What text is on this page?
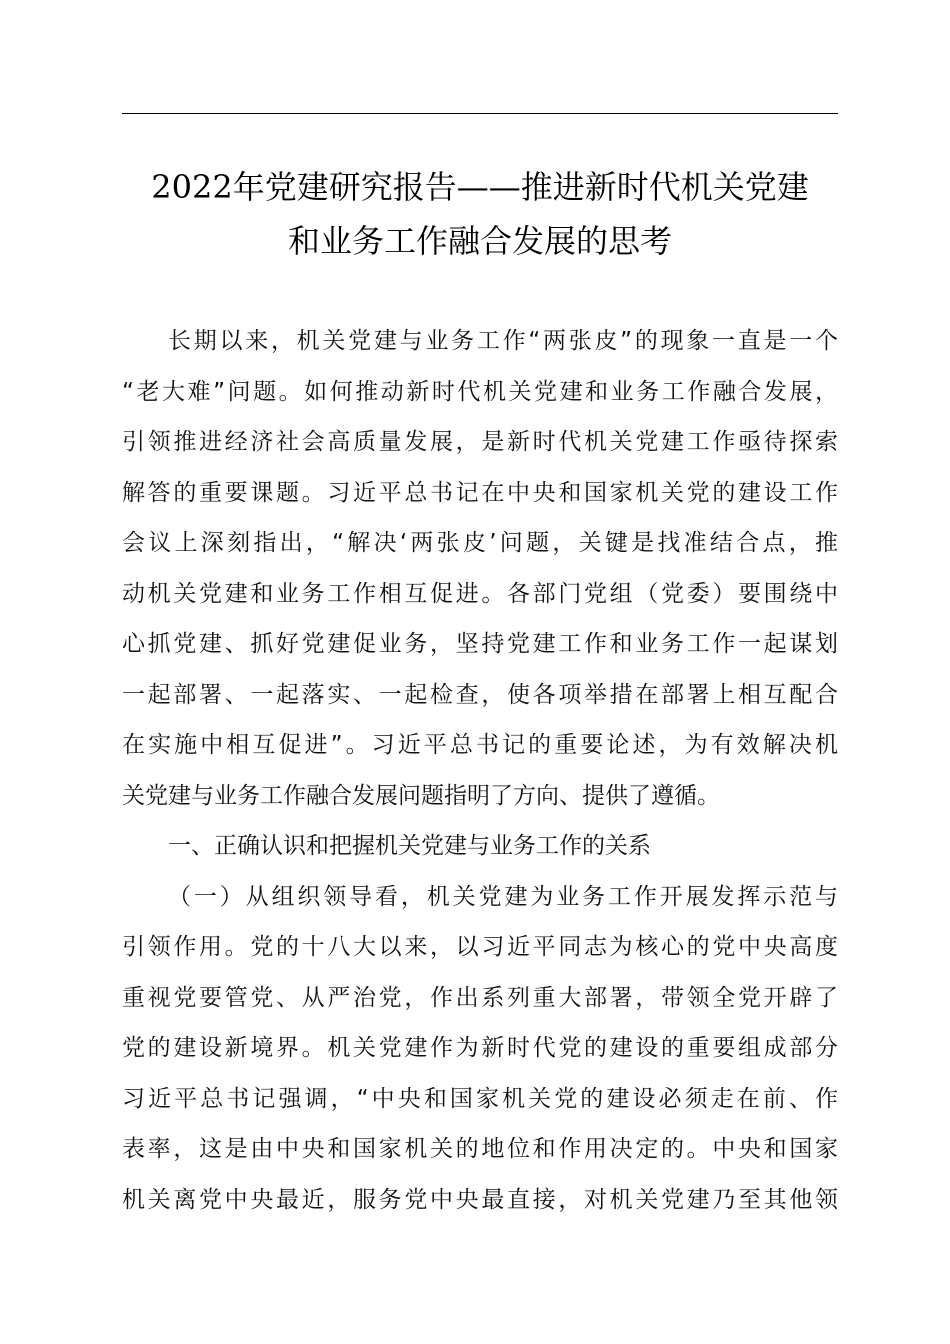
2022年党建研究报告——推进新时代机关党建
和业务工作融合发展的思考
长期以来，机关党建与业务工作“两张皮”的现象一直是一个
“老大难”问题。如何推动新时代机关党建和业务工作融合发展，
引领推进经济社会高质量发展，是新时代机关党建工作亟待探索
解答的重要课题。习近平总书记在中央和国家机关党的建设工作
会议上深刻指出，“解决‘两张皮’问题，关键是找准结合点，推
动机关党建和业务工作相互促进。各部门党组（党委）要围绕中
心抓党建、抓好党建促业务，坚持党建工作和业务工作一起谋划
一起部署、一起落实、一起检查，使各项举措在部署上相互配合
在实施中相互促进”。习近平总书记的重要论述，为有效解决机
关党建与业务工作融合发展问题指明了方向、提供了遵循。
一、正确认识和把握机关党建与业务工作的关系
（一）从组织领导看，机关党建为业务工作开展发挥示范与
引领作用。党的十八大以来，以习近平同志为核心的党中央高度
重视党要管党、从严治党，作出系列重大部署，带领全党开辟了
党的建设新境界。机关党建作为新时代党的建设的重要组成部分
习近平总书记强调，“中央和国家机关党的建设必须走在前、作
表率，这是由中央和国家机关的地位和作用决定的。中央和国家
机关离党中央最近，服务党中央最直接，对机关党建乃至其他领
